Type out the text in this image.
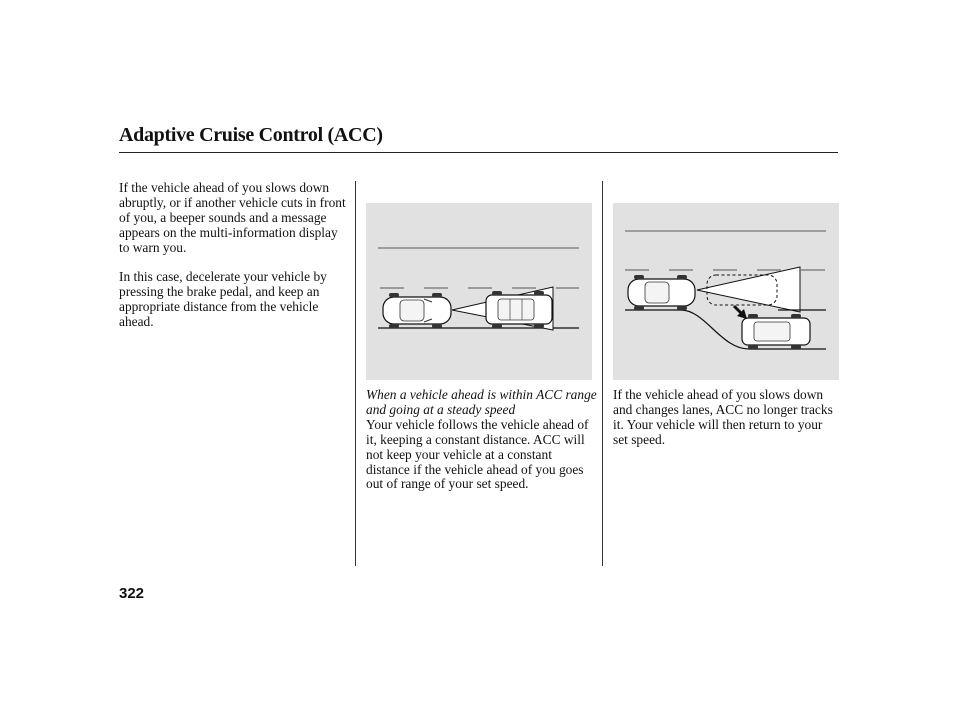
Adaptive Cruise Control (ACC)

If the vehicle ahead of you slows down abruptly, or if another vehicle cuts in front of you, a beeper sounds and a message appears on the multi-information display to warn you.

In this case, decelerate your vehicle by pressing the brake pedal, and keep an appropriate distance from the vehicle ahead.

When a vehicle ahead is within ACC range and going at a steady speed
Your vehicle follows the vehicle ahead of it, keeping a constant distance. ACC will not keep your vehicle at a constant distance if the vehicle ahead of you goes out of range of your set speed.

If the vehicle ahead of you slows down and changes lanes, ACC no longer tracks it. Your vehicle will then return to your set speed.

322
